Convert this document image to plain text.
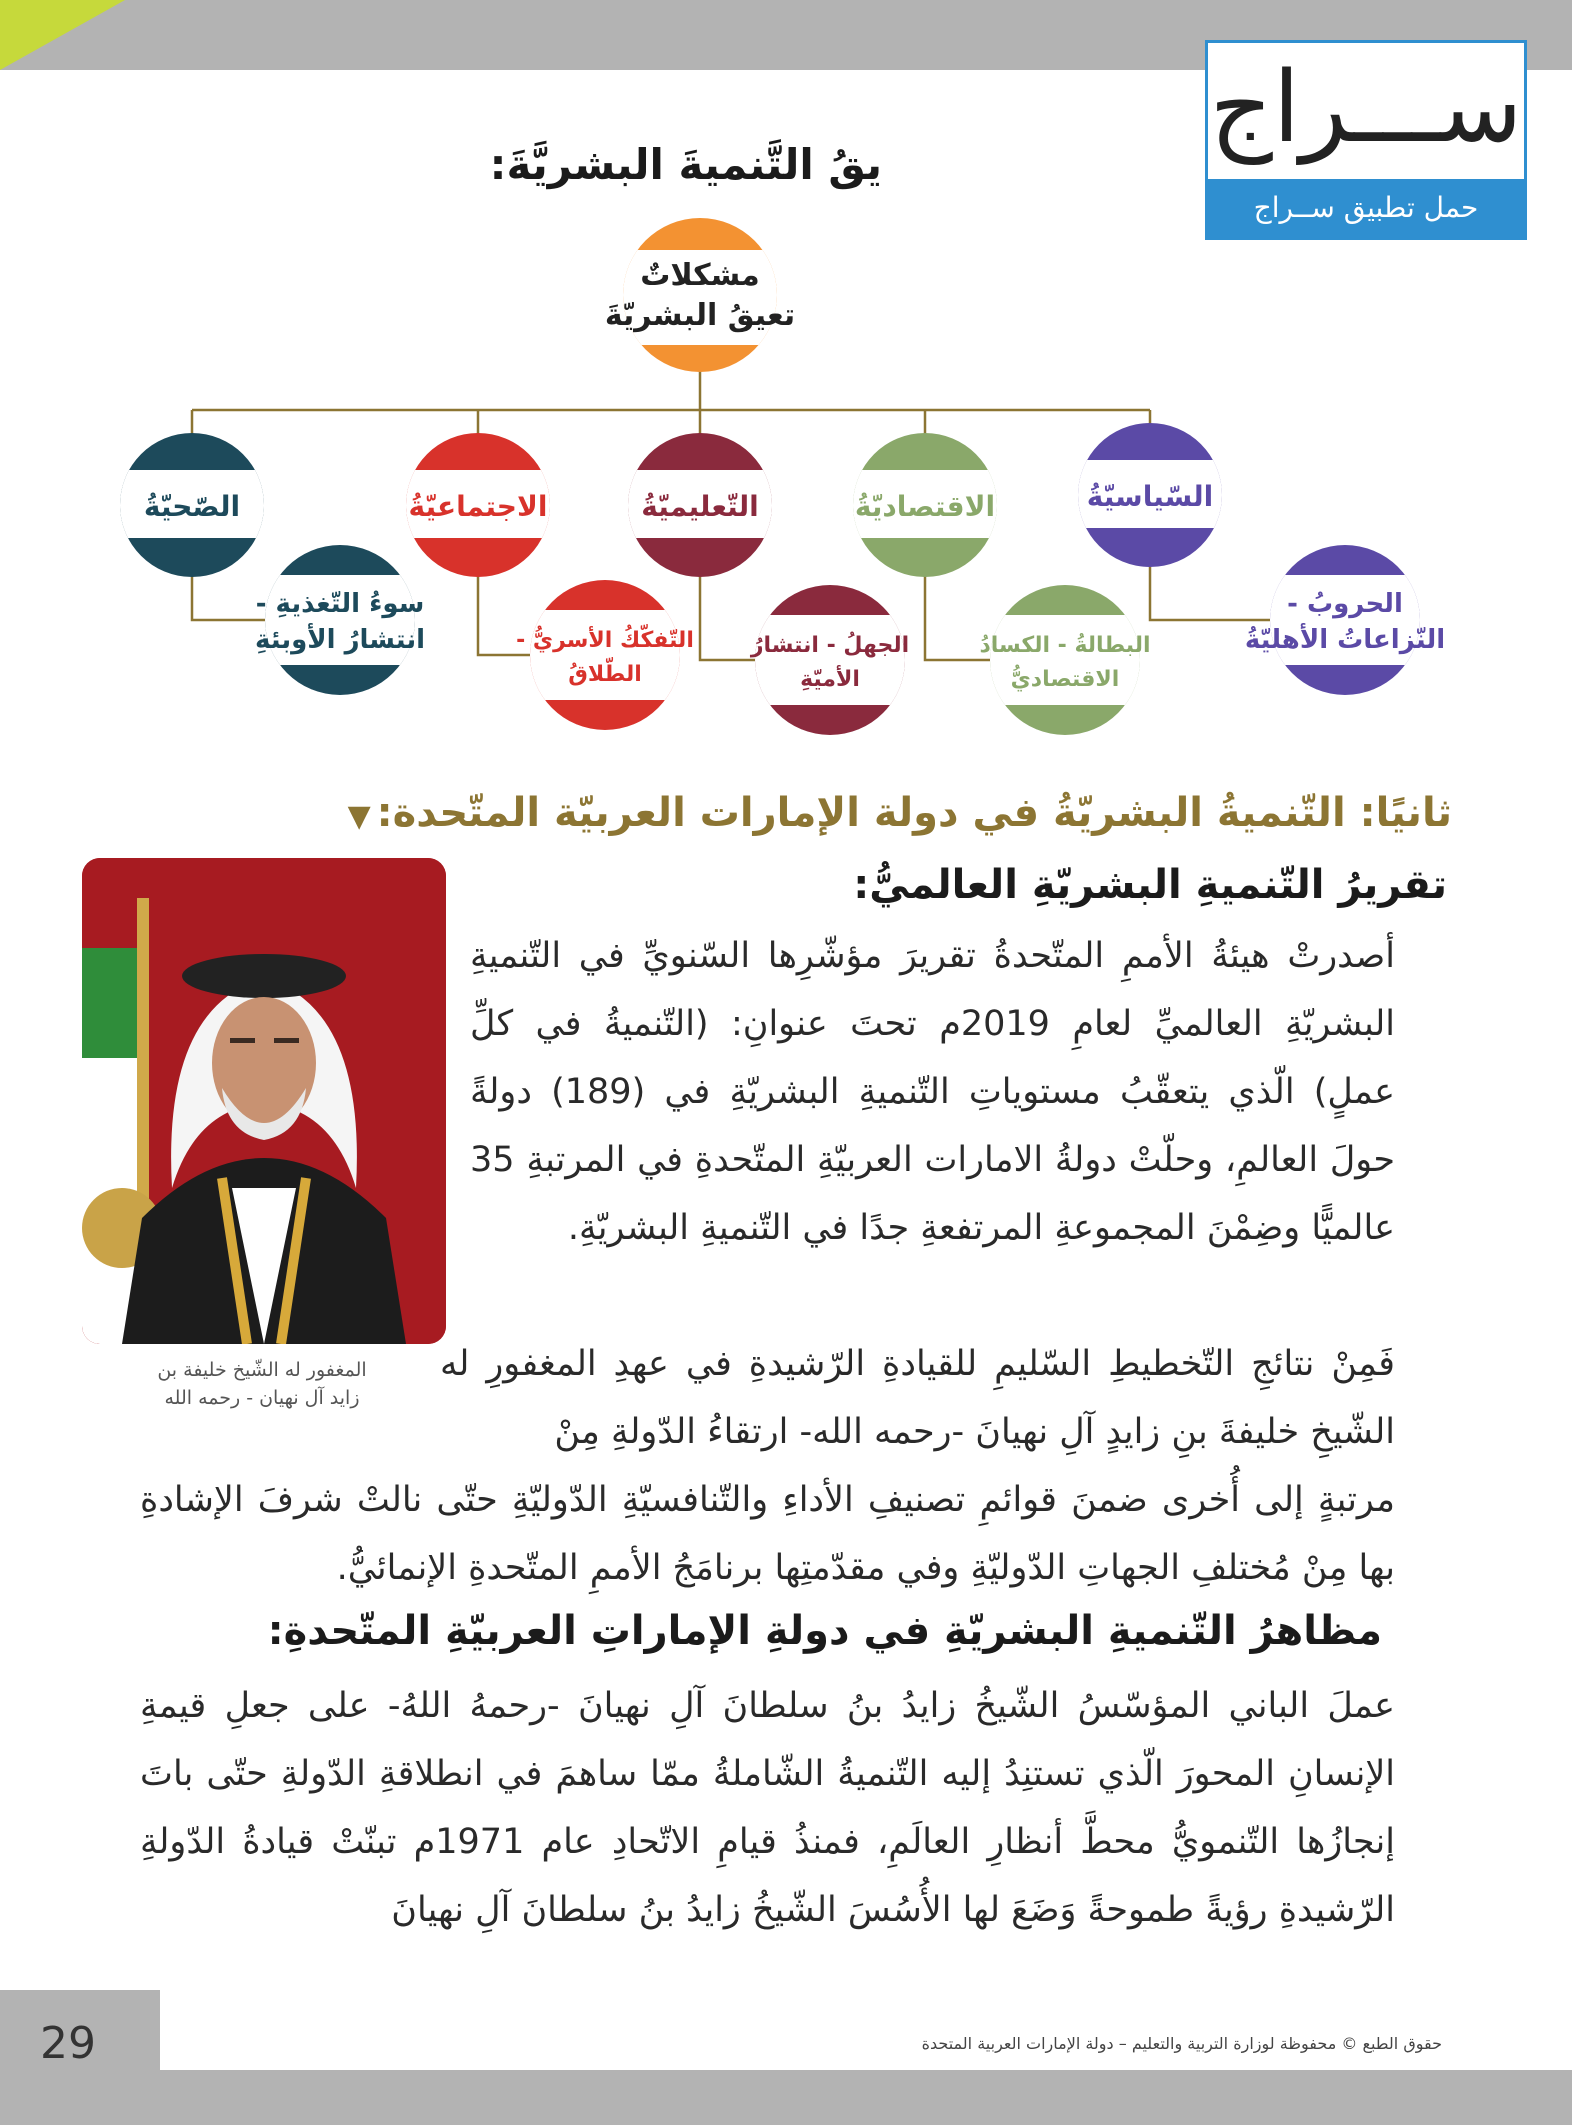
ســـراج
حمل تطبيق ســراج
يقُ التَّنميةَ البشريَّةَ:
مشكلاتٌ
تعيقُ البشريّةَ
السّياسيّةُ
الاقتصاديّةُ
التّعليميّةُ
الاجتماعيّةُ
الصّحيّةُ
الحروبُ -
النّزاعاتُ الأهليّةُ
البطالةُ - الكسادُ
الاقتصاديُّ
الجهلُ - انتشارُ
الأميّةِ
التّفكّكُ الأسريُّ -
الطّلاقُ
سوءُ التّغذيةِ -
انتشارُ الأوبئةِ
ثانيًا: التّنميةُ البشريّةُ في دولة الإمارات العربيّة المتّحدة:▼
المغفور له الشّيخ خليفة بن
زايد آل نهيان - رحمه الله
تقريرُ التّنميةِ البشريّةِ العالميُّ:
أصدرتْ هيئةُ الأممِ المتّحدةُ تقريرَ مؤشّرِها السّنويِّ في التّنميةِ البشريّةِ العالميِّ لعامِ 2019م تحتَ عنوانِ: (التّنميةُ في كلِّ عملٍ) الّذي يتعقّبُ مستوياتِ التّنميةِ البشريّةِ في (189) دولةً حولَ العالمِ، وحلّتْ دولةُ الامارات العربيّةِ المتّحدةِ في المرتبةِ 35 عالميًّا وضِمْنَ المجموعةِ المرتفعةِ جدًا في التّنميةِ البشريّةِ.
فَمِنْ نتائجِ التّخطيطِ السّليمِ للقيادةِ الرّشيدةِ في عهدِ المغفورِ له الشّيخِ خليفةَ بنِ زايدٍ آلِ نهيانَ -رحمه الله- ارتقاءُ الدّولةِ مِنْ
مرتبةٍ إلى أُخرى ضمنَ قوائمِ تصنيفِ الأداءِ والتّنافسيّةِ الدّوليّةِ حتّى نالتْ شرفَ الإشادةِ بها مِنْ مُختلفِ الجهاتِ الدّوليّةِ وفي مقدّمتِها برنامَجُ الأممِ المتّحدةِ الإنمائيُّ.
مظاهرُ التّنميةِ البشريّةِ في دولةِ الإماراتِ العربيّةِ المتّحدةِ:
عملَ الباني المؤسّسُ الشّيخُ زايدُ بنُ سلطانَ آلِ نهيانَ -رحمهُ اللهُ- على جعلِ قيمةِ الإنسانِ المحورَ الّذي تستنِدُ إليه التّنميةُ الشّاملةُ ممّا ساهمَ في انطلاقةِ الدّولةِ حتّى باتَ إنجازُها التّنمويُّ محطَّ أنظارِ العالَمِ، فمنذُ قيامِ الاتّحادِ عام 1971م تبنّتْ قيادةُ الدّولةِ الرّشيدةِ رؤيةً طموحةً وَضَعَ لها الأُسُسَ الشّيخُ زايدُ بنُ سلطانَ آلِ نهيانَ
29	حقوق الطبع © محفوظة لوزارة التربية والتعليم – دولة الإمارات العربية المتحدة
